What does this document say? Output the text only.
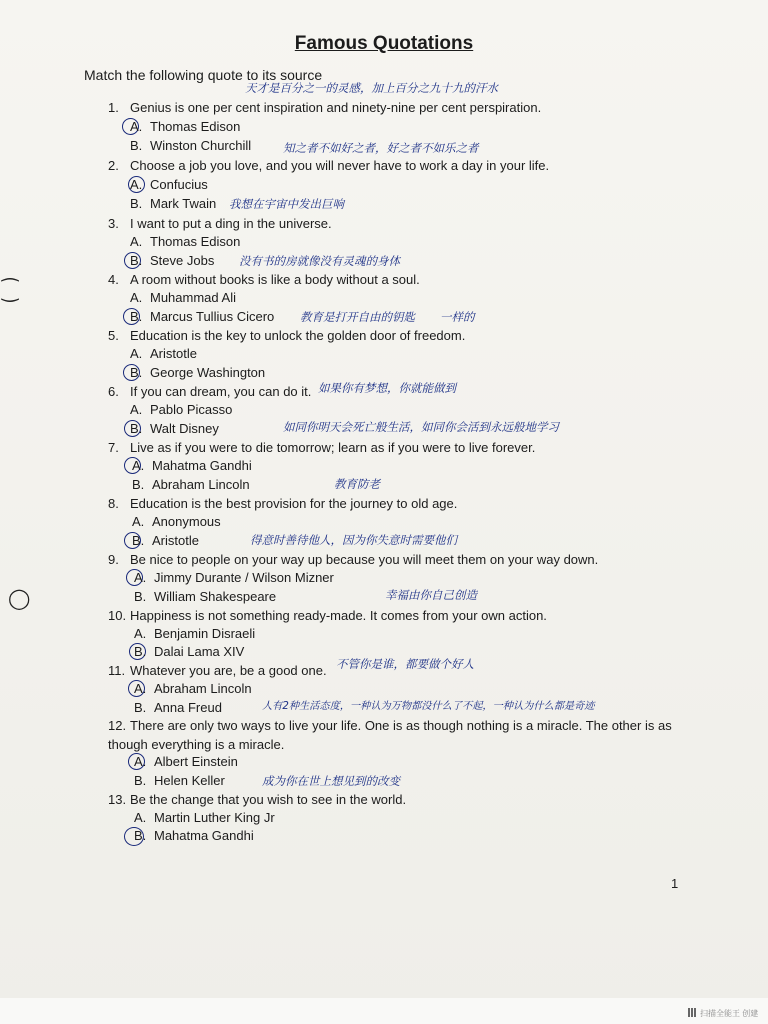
Famous Quotations
Match the following quote to its source
天才是百分之一的灵感，加上百分之九十九的汗水
1. Genius is one per cent inspiration and ninety-nine per cent perspiration.
A. Thomas Edison
B. Winston Churchill	知之者不如好之者，好之者不如乐之者
2. Choose a job you love, and you will never have to work a day in your life.
A. Confucius
B. Mark Twain 我想在宇宙中发出巨响
3. I want to put a ding in the universe.
A. Thomas Edison
B. Steve Jobs 没有书的房就像没有灵魂的身体
4. A room without books is like a body without a soul.
A. Muhammad Ali
B. Marcus Tullius Cicero 教育是打开自由的钥匙 一样的
5. Education is the key to unlock the golden door of freedom.
A. Aristotle
B. George Washington
6. If you can dream, you can do it. 如果你有梦想，你就能做到
A. Pablo Picasso
B. Walt Disney	如同你明天会死亡般生活，如同你会活到永远般地学习
7. Live as if you were to die tomorrow; learn as if you were to live forever.
A. Mahatma Gandhi
B. Abraham Lincoln	教育防老
8. Education is the best provision for the journey to old age.
A. Anonymous
B. Aristotle	得意时善待他人，因为你失意时需要他们
9. Be nice to people on your way up because you will meet them on your way down.
A. Jimmy Durante / Wilson Mizner
B. William Shakespeare	幸福由你自己创造
10. Happiness is not something ready-made. It comes from your own action.
A. Benjamin Disraeli
B. Dalai Lama XIV
11. Whatever you are, be a good one. 不管你是谁，都要做个好人
A. Abraham Lincoln
B. Anna Freud	人有2种生活态度，一种认为万物都没什么了不起，一种认为什么都是奇迹
12. There are only two ways to live your life. One is as though nothing is a miracle. The other is as though everything is a miracle.
A. Albert Einstein
B. Helen Keller	成为你在世上想见到的改变
13. Be the change that you wish to see in the world.
A. Martin Luther King Jr
B. Mahatma Gandhi
1
⁐
◯
扫描全能王 创建
